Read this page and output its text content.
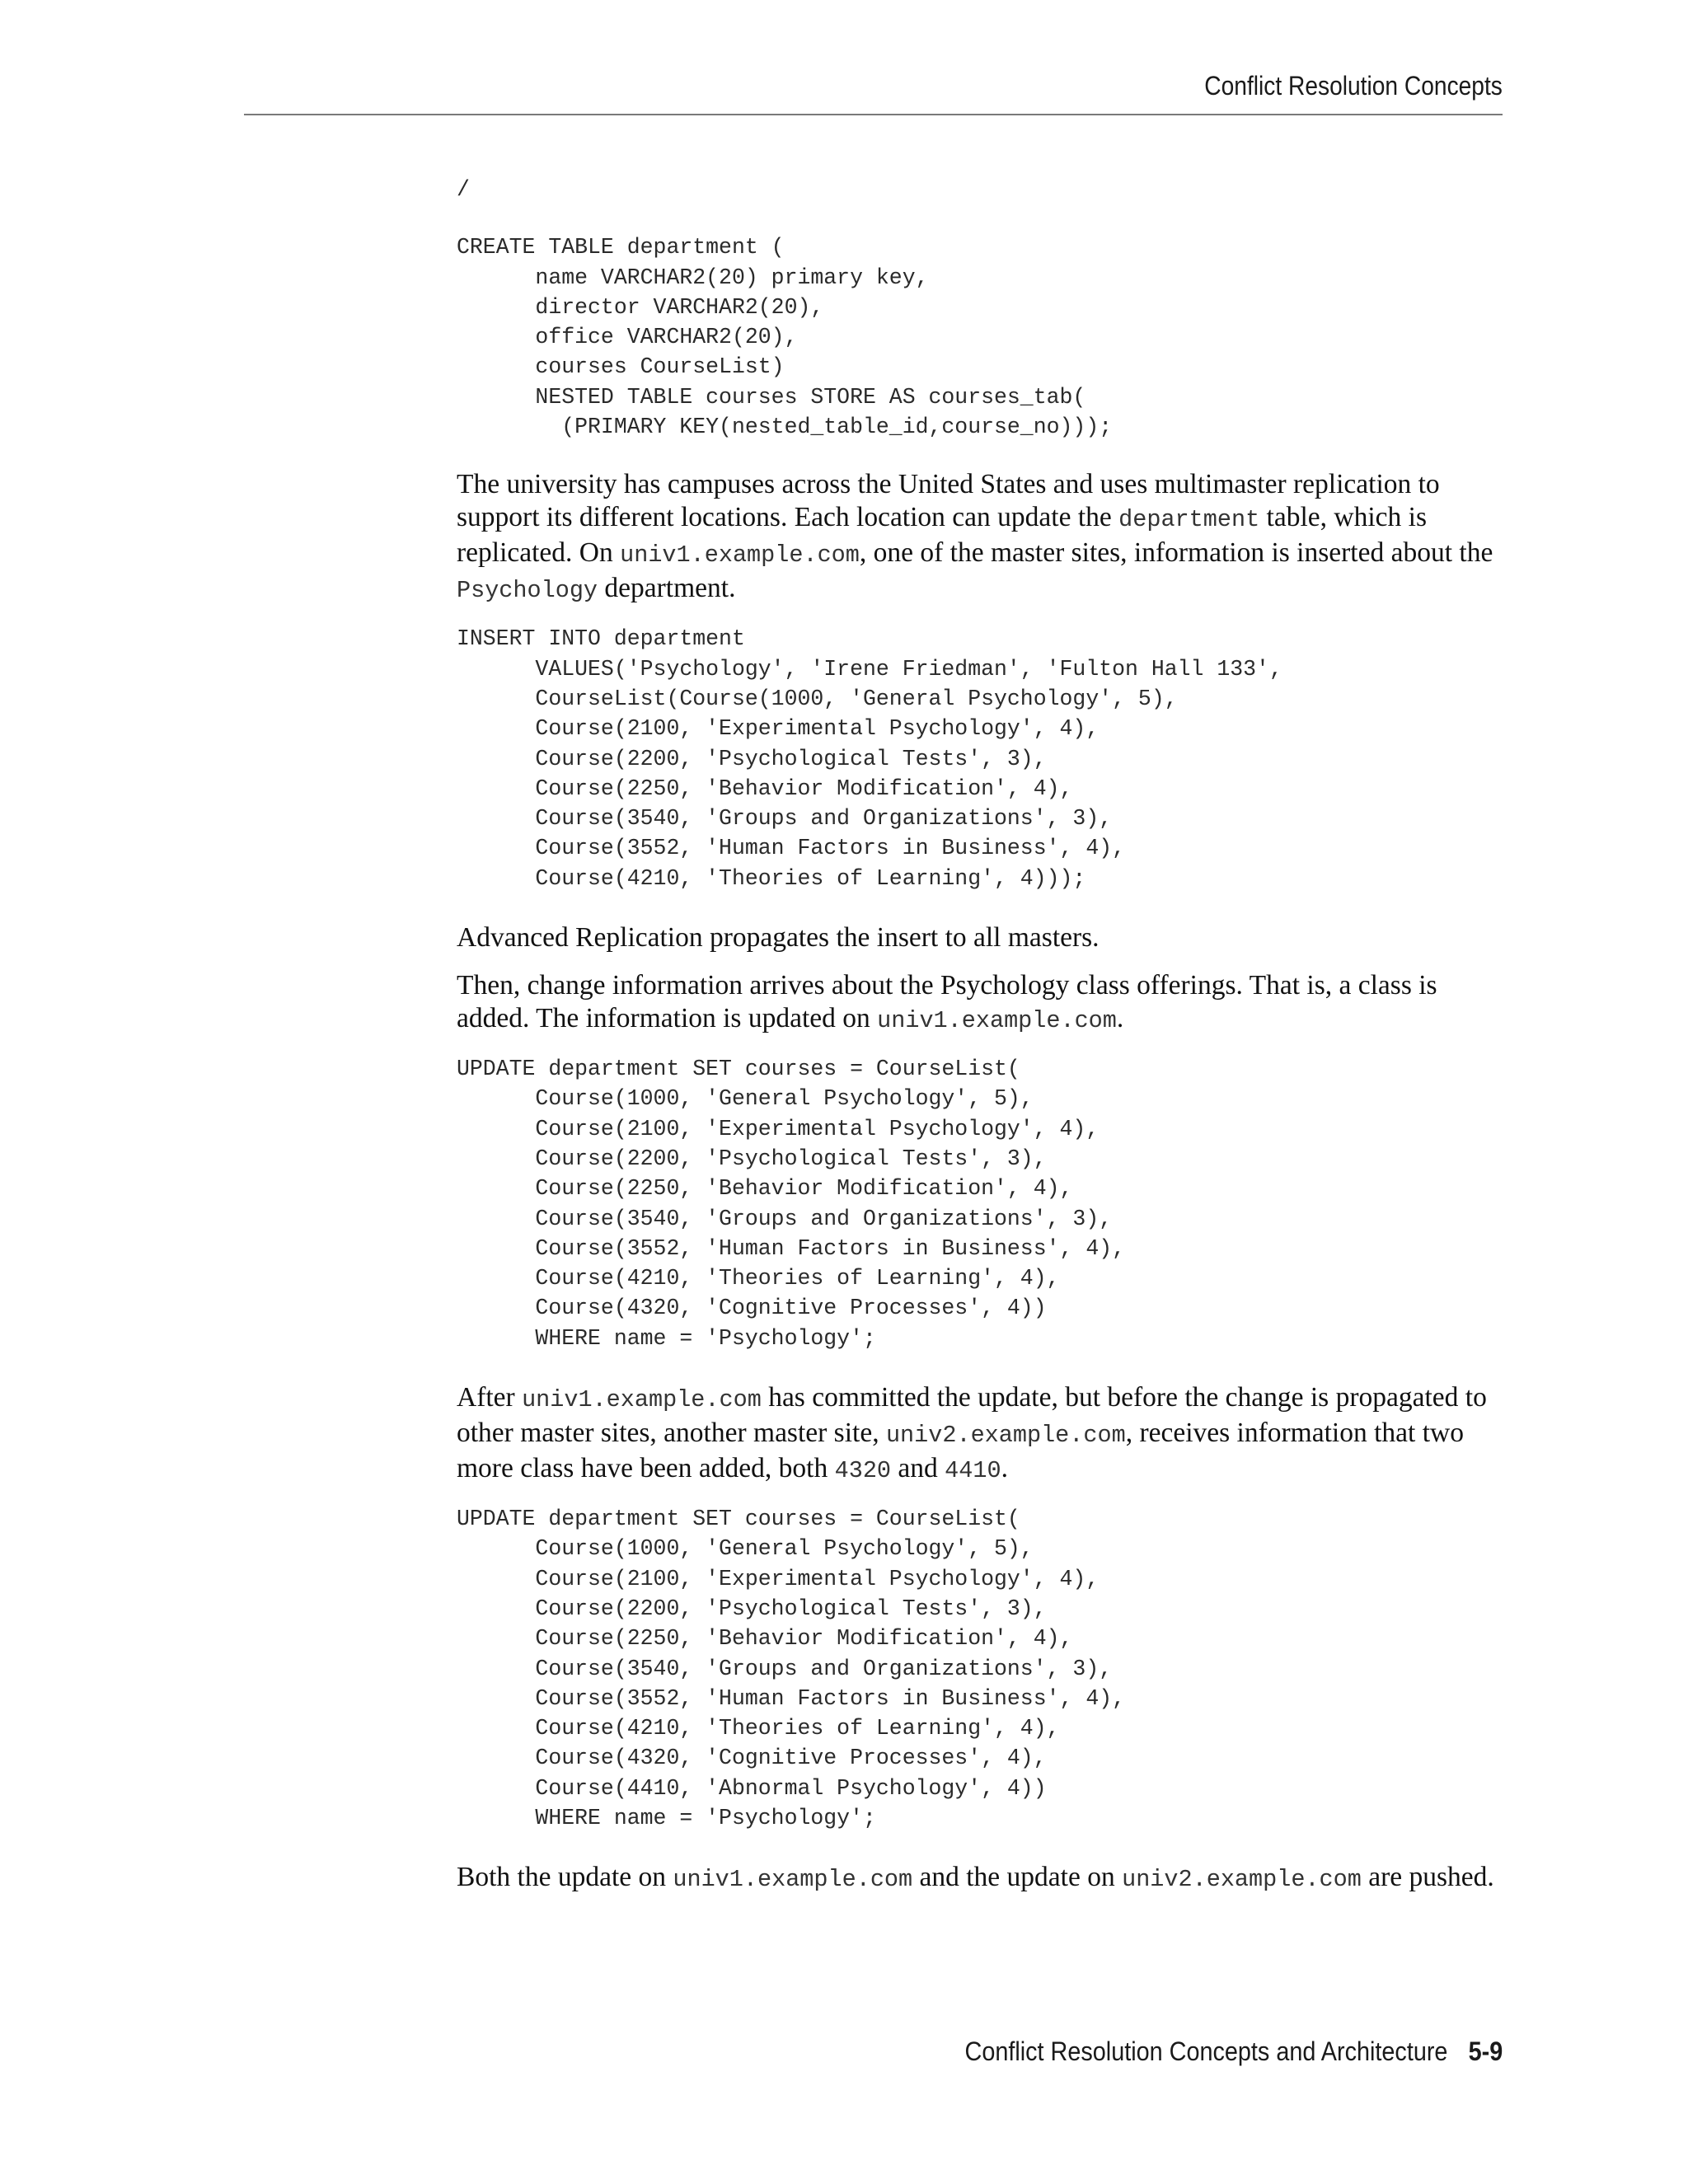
Conflict Resolution Concepts
/
CREATE TABLE department (
name VARCHAR2(20) primary key,
director VARCHAR2(20),
office VARCHAR2(20),
courses CourseList)
NESTED TABLE courses STORE AS courses_tab(
(PRIMARY KEY(nested_table_id,course_no)));

The university has campuses across the United States and uses multimaster replication to support its different locations. Each location can update the department table, which is replicated. On univ1.example.com, one of the master sites, information is inserted about the Psychology department.

INSERT INTO department
VALUES('Psychology', 'Irene Friedman', 'Fulton Hall 133',
CourseList(Course(1000, 'General Psychology', 5),
Course(2100, 'Experimental Psychology', 4),
Course(2200, 'Psychological Tests', 3),
Course(2250, 'Behavior Modification', 4),
Course(3540, 'Groups and Organizations', 3),
Course(3552, 'Human Factors in Business', 4),
Course(4210, 'Theories of Learning', 4)));

Advanced Replication propagates the insert to all masters.

Then, change information arrives about the Psychology class offerings. That is, a class is added. The information is updated on univ1.example.com.

UPDATE department SET courses = CourseList(
Course(1000, 'General Psychology', 5),
Course(2100, 'Experimental Psychology', 4),
Course(2200, 'Psychological Tests', 3),
Course(2250, 'Behavior Modification', 4),
Course(3540, 'Groups and Organizations', 3),
Course(3552, 'Human Factors in Business', 4),
Course(4210, 'Theories of Learning', 4),
Course(4320, 'Cognitive Processes', 4))
WHERE name = 'Psychology';

After univ1.example.com has committed the update, but before the change is propagated to other master sites, another master site, univ2.example.com, receives information that two more class have been added, both 4320 and 4410.

UPDATE department SET courses = CourseList(
Course(1000, 'General Psychology', 5),
Course(2100, 'Experimental Psychology', 4),
Course(2200, 'Psychological Tests', 3),
Course(2250, 'Behavior Modification', 4),
Course(3540, 'Groups and Organizations', 3),
Course(3552, 'Human Factors in Business', 4),
Course(4210, 'Theories of Learning', 4),
Course(4320, 'Cognitive Processes', 4),
Course(4410, 'Abnormal Psychology', 4))
WHERE name = 'Psychology';

Both the update on univ1.example.com and the update on univ2.example.com are pushed.

Conflict Resolution Concepts and Architecture 5-9
